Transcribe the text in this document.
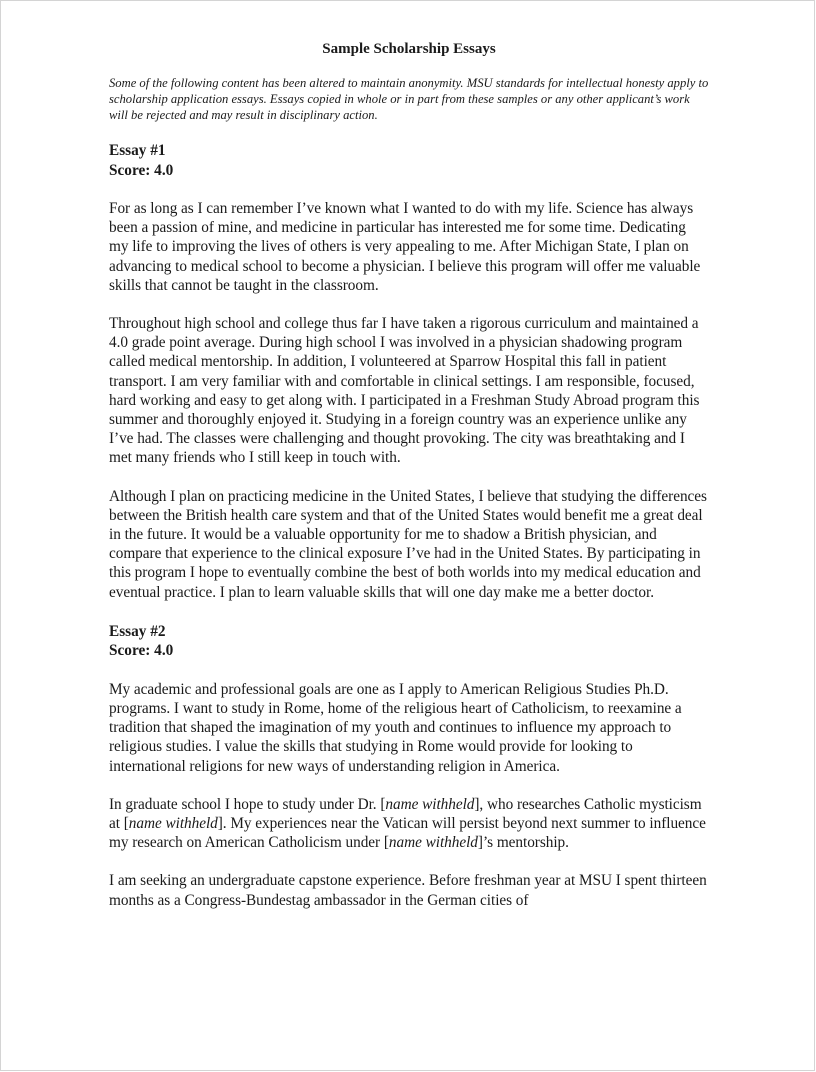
Sample Scholarship Essays
Some of the following content has been altered to maintain anonymity. MSU standards for intellectual honesty apply to scholarship application essays. Essays copied in whole or in part from these samples or any other applicant’s work will be rejected and may result in disciplinary action.
Essay #1
Score: 4.0

For as long as I can remember I’ve known what I wanted to do with my life. Science has always been a passion of mine, and medicine in particular has interested me for some time. Dedicating my life to improving the lives of others is very appealing to me. After Michigan State, I plan on advancing to medical school to become a physician. I believe this program will offer me valuable skills that cannot be taught in the classroom.

Throughout high school and college thus far I have taken a rigorous curriculum and maintained a 4.0 grade point average. During high school I was involved in a physician shadowing program called medical mentorship. In addition, I volunteered at Sparrow Hospital this fall in patient transport. I am very familiar with and comfortable in clinical settings. I am responsible, focused, hard working and easy to get along with. I participated in a Freshman Study Abroad program this summer and thoroughly enjoyed it. Studying in a foreign country was an experience unlike any I’ve had. The classes were challenging and thought provoking. The city was breathtaking and I met many friends who I still keep in touch with.

Although I plan on practicing medicine in the United States, I believe that studying the differences between the British health care system and that of the United States would benefit me a great deal in the future. It would be a valuable opportunity for me to shadow a British physician, and compare that experience to the clinical exposure I’ve had in the United States. By participating in this program I hope to eventually combine the best of both worlds into my medical education and eventual practice. I plan to learn valuable skills that will one day make me a better doctor.

Essay #2
Score: 4.0

My academic and professional goals are one as I apply to American Religious Studies Ph.D. programs. I want to study in Rome, home of the religious heart of Catholicism, to reexamine a tradition that shaped the imagination of my youth and continues to influence my approach to religious studies. I value the skills that studying in Rome would provide for looking to international religions for new ways of understanding religion in America.

In graduate school I hope to study under Dr. [name withheld], who researches Catholic mysticism at [name withheld]. My experiences near the Vatican will persist beyond next summer to influence my research on American Catholicism under [name withheld]’s mentorship.

I am seeking an undergraduate capstone experience. Before freshman year at MSU I spent thirteen months as a Congress-Bundestag ambassador in the German cities of
